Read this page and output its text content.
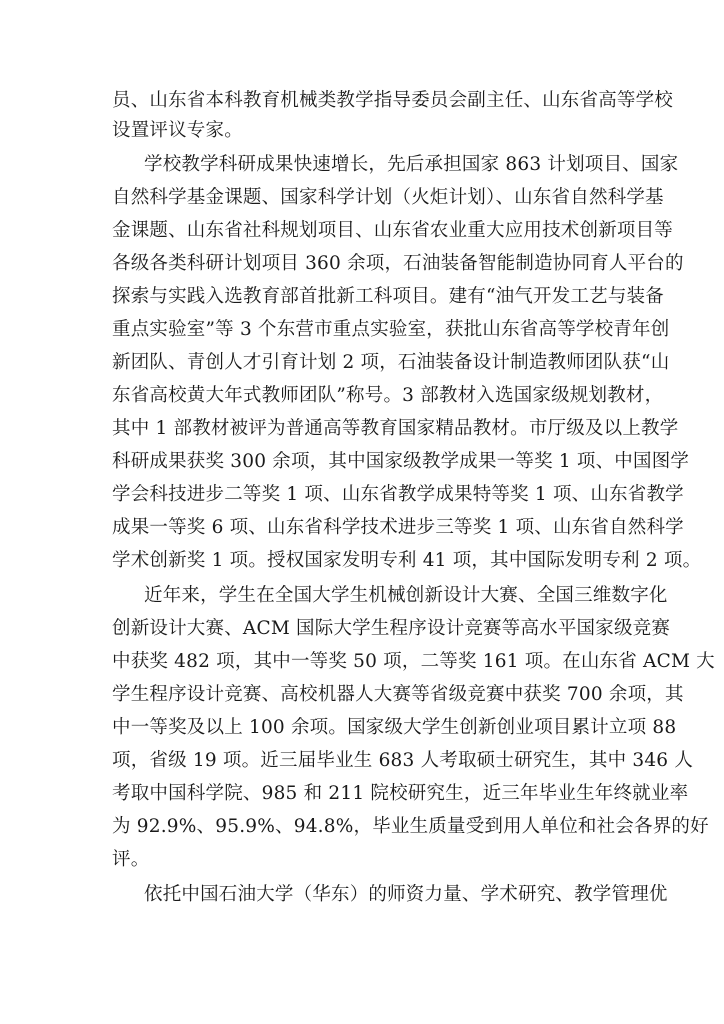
员、山东省本科教育机械类教学指导委员会副主任、山东省高等学校
设置评议专家。
学校教学科研成果快速增长，先后承担国家 863 计划项目、国家
自然科学基金课题、国家科学计划（火炬计划）、山东省自然科学基
金课题、山东省社科规划项目、山东省农业重大应用技术创新项目等
各级各类科研计划项目 360 余项，石油装备智能制造协同育人平台的
探索与实践入选教育部首批新工科项目。建有“油气开发工艺与装备
重点实验室”等 3 个东营市重点实验室，获批山东省高等学校青年创
新团队、青创人才引育计划 2 项，石油装备设计制造教师团队获“山
东省高校黄大年式教师团队”称号。3 部教材入选国家级规划教材，
其中 1 部教材被评为普通高等教育国家精品教材。市厅级及以上教学
科研成果获奖 300 余项，其中国家级教学成果一等奖 1 项、中国图学
学会科技进步二等奖 1 项、山东省教学成果特等奖 1 项、山东省教学
成果一等奖 6 项、山东省科学技术进步三等奖 1 项、山东省自然科学
学术创新奖 1 项。授权国家发明专利 41 项，其中国际发明专利 2 项。
近年来，学生在全国大学生机械创新设计大赛、全国三维数字化
创新设计大赛、ACM 国际大学生程序设计竞赛等高水平国家级竞赛
中获奖 482 项，其中一等奖 50 项，二等奖 161 项。在山东省 ACM 大
学生程序设计竞赛、高校机器人大赛等省级竞赛中获奖 700 余项，其
中一等奖及以上 100 余项。国家级大学生创新创业项目累计立项 88
项，省级 19 项。近三届毕业生 683 人考取硕士研究生，其中 346 人
考取中国科学院、985 和 211 院校研究生，近三年毕业生年终就业率
为 92.9%、95.9%、94.8%，毕业生质量受到用人单位和社会各界的好
评。
依托中国石油大学（华东）的师资力量、学术研究、教学管理优
